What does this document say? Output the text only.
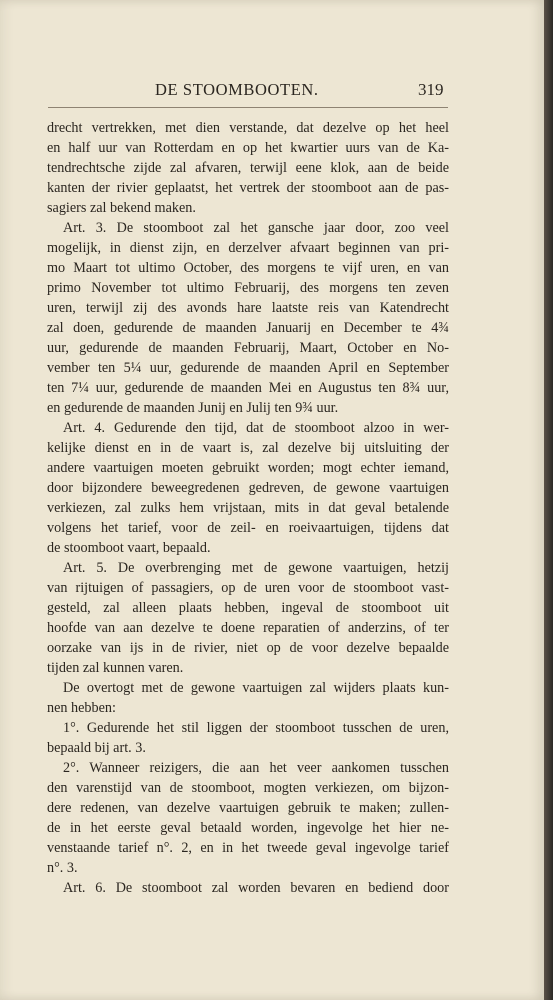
DE STOOMBOOTEN.	319
drecht vertrekken, met dien verstande, dat dezelve op het heel
en half uur van Rotterdam en op het kwartier uurs van de Ka-
tendrechtsche zijde zal afvaren, terwijl eene klok, aan de beide
kanten der rivier geplaatst, het vertrek der stoomboot aan de pas-
sagiers zal bekend maken.
Art. 3. De stoomboot zal het gansche jaar door, zoo veel
mogelijk, in dienst zijn, en derzelver afvaart beginnen van pri-
mo Maart tot ultimo October, des morgens te vijf uren, en van
primo November tot ultimo Februarij, des morgens ten zeven
uren, terwijl zij des avonds hare laatste reis van Katendrecht
zal doen, gedurende de maanden Januarij en December te 4¾
uur, gedurende de maanden Februarij, Maart, October en No-
vember ten 5¼ uur, gedurende de maanden April en September
ten 7¼ uur, gedurende de maanden Mei en Augustus ten 8¾ uur,
en gedurende de maanden Junij en Julij ten 9¾ uur.
Art. 4. Gedurende den tijd, dat de stoomboot alzoo in wer-
kelijke dienst en in de vaart is, zal dezelve bij uitsluiting der
andere vaartuigen moeten gebruikt worden; mogt echter iemand,
door bijzondere beweegredenen gedreven, de gewone vaartuigen
verkiezen, zal zulks hem vrijstaan, mits in dat geval betalende
volgens het tarief, voor de zeil- en roeivaartuigen, tijdens dat
de stoomboot vaart, bepaald.
Art. 5. De overbrenging met de gewone vaartuigen, hetzij
van rijtuigen of passagiers, op de uren voor de stoomboot vast-
gesteld, zal alleen plaats hebben, ingeval de stoomboot uit
hoofde van aan dezelve te doene reparatien of anderzins, of ter
oorzake van ijs in de rivier, niet op de voor dezelve bepaalde
tijden zal kunnen varen.
De overtogt met de gewone vaartuigen zal wijders plaats kun-
nen hebben:
1°. Gedurende het stil liggen der stoomboot tusschen de uren,
bepaald bij art. 3.
2°. Wanneer reizigers, die aan het veer aankomen tusschen
den varenstijd van de stoomboot, mogten verkiezen, om bijzon-
dere redenen, van dezelve vaartuigen gebruik te maken; zullen-
de in het eerste geval betaald worden, ingevolge het hier ne-
venstaande tarief n°. 2, en in het tweede geval ingevolge tarief
n°. 3.
Art. 6. De stoomboot zal worden bevaren en bediend door
